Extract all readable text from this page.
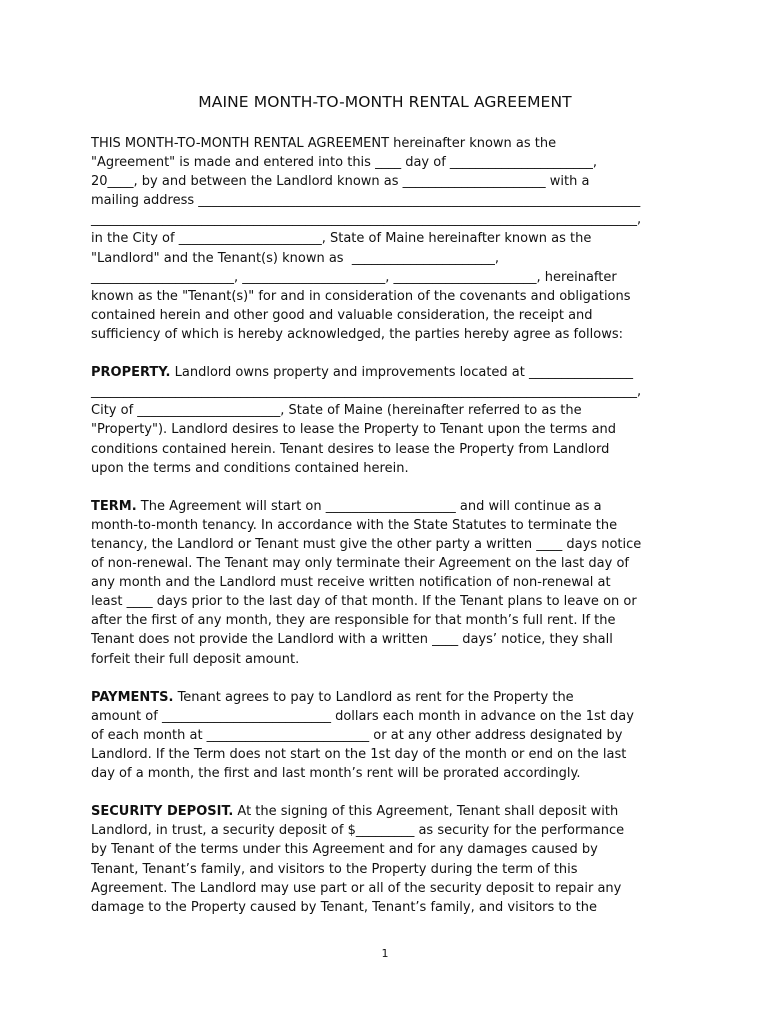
MAINE MONTH-TO-MONTH RENTAL AGREEMENT
THIS MONTH-TO-MONTH RENTAL AGREEMENT hereinafter known as the
"Agreement" is made and entered into this ____ day of ______________________,
20____, by and between the Landlord known as ______________________ with a
mailing address ____________________________________________________________________
____________________________________________________________________________________,
in the City of ______________________, State of Maine hereinafter known as the
"Landlord" and the Tenant(s) known as  ______________________,
______________________, ______________________, ______________________, hereinafter
known as the "Tenant(s)" for and in consideration of the covenants and obligations
contained herein and other good and valuable consideration, the receipt and
sufficiency of which is hereby acknowledged, the parties hereby agree as follows:
PROPERTY. Landlord owns property and improvements located at ________________
____________________________________________________________________________________,
City of ______________________, State of Maine (hereinafter referred to as the
"Property"). Landlord desires to lease the Property to Tenant upon the terms and
conditions contained herein. Tenant desires to lease the Property from Landlord
upon the terms and conditions contained herein.
TERM. The Agreement will start on ____________________ and will continue as a
month-to-month tenancy. In accordance with the State Statutes to terminate the
tenancy, the Landlord or Tenant must give the other party a written ____ days notice
of non-renewal. The Tenant may only terminate their Agreement on the last day of
any month and the Landlord must receive written notification of non-renewal at
least ____ days prior to the last day of that month. If the Tenant plans to leave on or
after the first of any month, they are responsible for that month’s full rent. If the
Tenant does not provide the Landlord with a written ____ days’ notice, they shall
forfeit their full deposit amount.
PAYMENTS. Tenant agrees to pay to Landlord as rent for the Property the
amount of __________________________ dollars each month in advance on the 1st day
of each month at _________________________ or at any other address designated by
Landlord. If the Term does not start on the 1st day of the month or end on the last
day of a month, the first and last month’s rent will be prorated accordingly.
SECURITY DEPOSIT. At the signing of this Agreement, Tenant shall deposit with
Landlord, in trust, a security deposit of $_________ as security for the performance
by Tenant of the terms under this Agreement and for any damages caused by
Tenant, Tenant’s family, and visitors to the Property during the term of this
Agreement. The Landlord may use part or all of the security deposit to repair any
damage to the Property caused by Tenant, Tenant’s family, and visitors to the
1
